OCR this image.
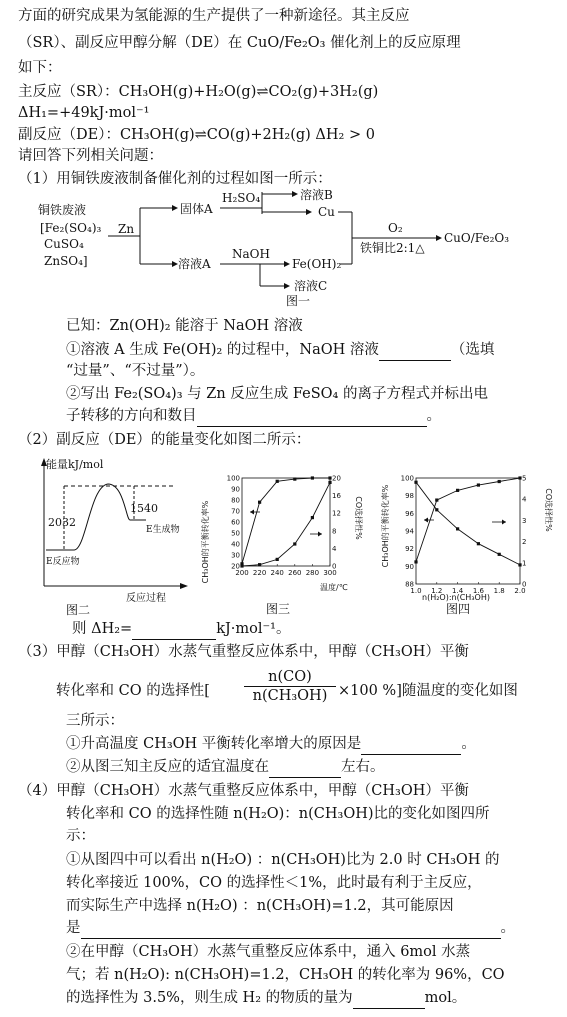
方面的研究成果为氢能源的生产提供了一种新途径。其主反应
（SR）、副反应甲醇分解（DE）在 CuO/Fe₂O₃ 催化剂上的反应原理
如下：
主反应（SR）：CH₃OH(g)+H₂O(g)⇌CO₂(g)+3H₂(g)
ΔH₁=+49kJ·mol⁻¹
副反应（DE）：CH₃OH(g)⇌CO(g)+2H₂(g) ΔH₂ > 0
请回答下列相关问题：
（1）用铜铁废液制备催化剂的过程如图一所示：
铜铁废液
[Fe₂(SO₄)₃
CuSO₄
ZnSO₄]
Zn
固体A
H₂SO₄	溶液B
Cu
溶液A
NaOH
溶液C
Fe(OH)₂
O₂
铁铜比2:1△
CuO/Fe₂O₃
图一
已知：Zn(OH)₂ 能溶于 NaOH 溶液
①溶液 A 生成 Fe(OH)₂ 的过程中，NaOH 溶液	（选填
“过量”、“不过量”）。
②写出 Fe₂(SO₄)₃ 与 Zn 反应生成 FeSO₄ 的离子方程式并标出电
子转移的方向和数目	。
（2）副反应（DE）的能量变化如图二所示：
能量kJ/mol
2032
1540
E生成物
E反应物
反应过程
图二
200 220 240 260 280 300
20
30
40
50
60
70
80
90
100
0
4
8
12
16
20
CH₃OH的平衡转化率%	CO选择性%
温度/℃
图三
1.0 1.2 1.4 1.6 1.8 2.0
88
90
92
94
96
98
100
0
1
2
3
4
5
CH₃OH的平衡转化率%	CO选择性%
n(H₂O):n(CH₃OH)
图四
则 ΔH₂=	kJ·mol⁻¹。
（3）甲醇（CH₃OH）水蒸气重整反应体系中，甲醇（CH₃OH）平衡
转化率和 CO 的选择性[ $\frac{n(CO)}{\text{n(CH₃OH)}} \times 100$ %]随温度的变化如图
三所示：
①升高温度 CH₃OH 平衡转化率增大的原因是	。
②从图三知主反应的适宜温度在	左右。
（4）甲醇（CH₃OH）水蒸气重整反应体系中，甲醇（CH₃OH）平衡
转化率和 CO 的选择性随 n(H₂O)：n(CH₃OH)比的变化如图四所
示：
①从图四中可以看出 n(H₂O) ：n(CH₃OH)比为 2.0 时 CH₃OH 的
转化率接近 100%，CO 的选择性＜1%，此时最有利于主反应，
而实际生产中选择 n(H₂O) ：n(CH₃OH)=1.2，其可能原因
是	。
②在甲醇（CH₃OH）水蒸气重整反应体系中，通入 6mol 水蒸
气；若 n(H₂O): n(CH₃OH)=1.2，CH₃OH 的转化率为 96%，CO
的选择性为 3.5%，则生成 H₂ 的物质的量为	mol。
